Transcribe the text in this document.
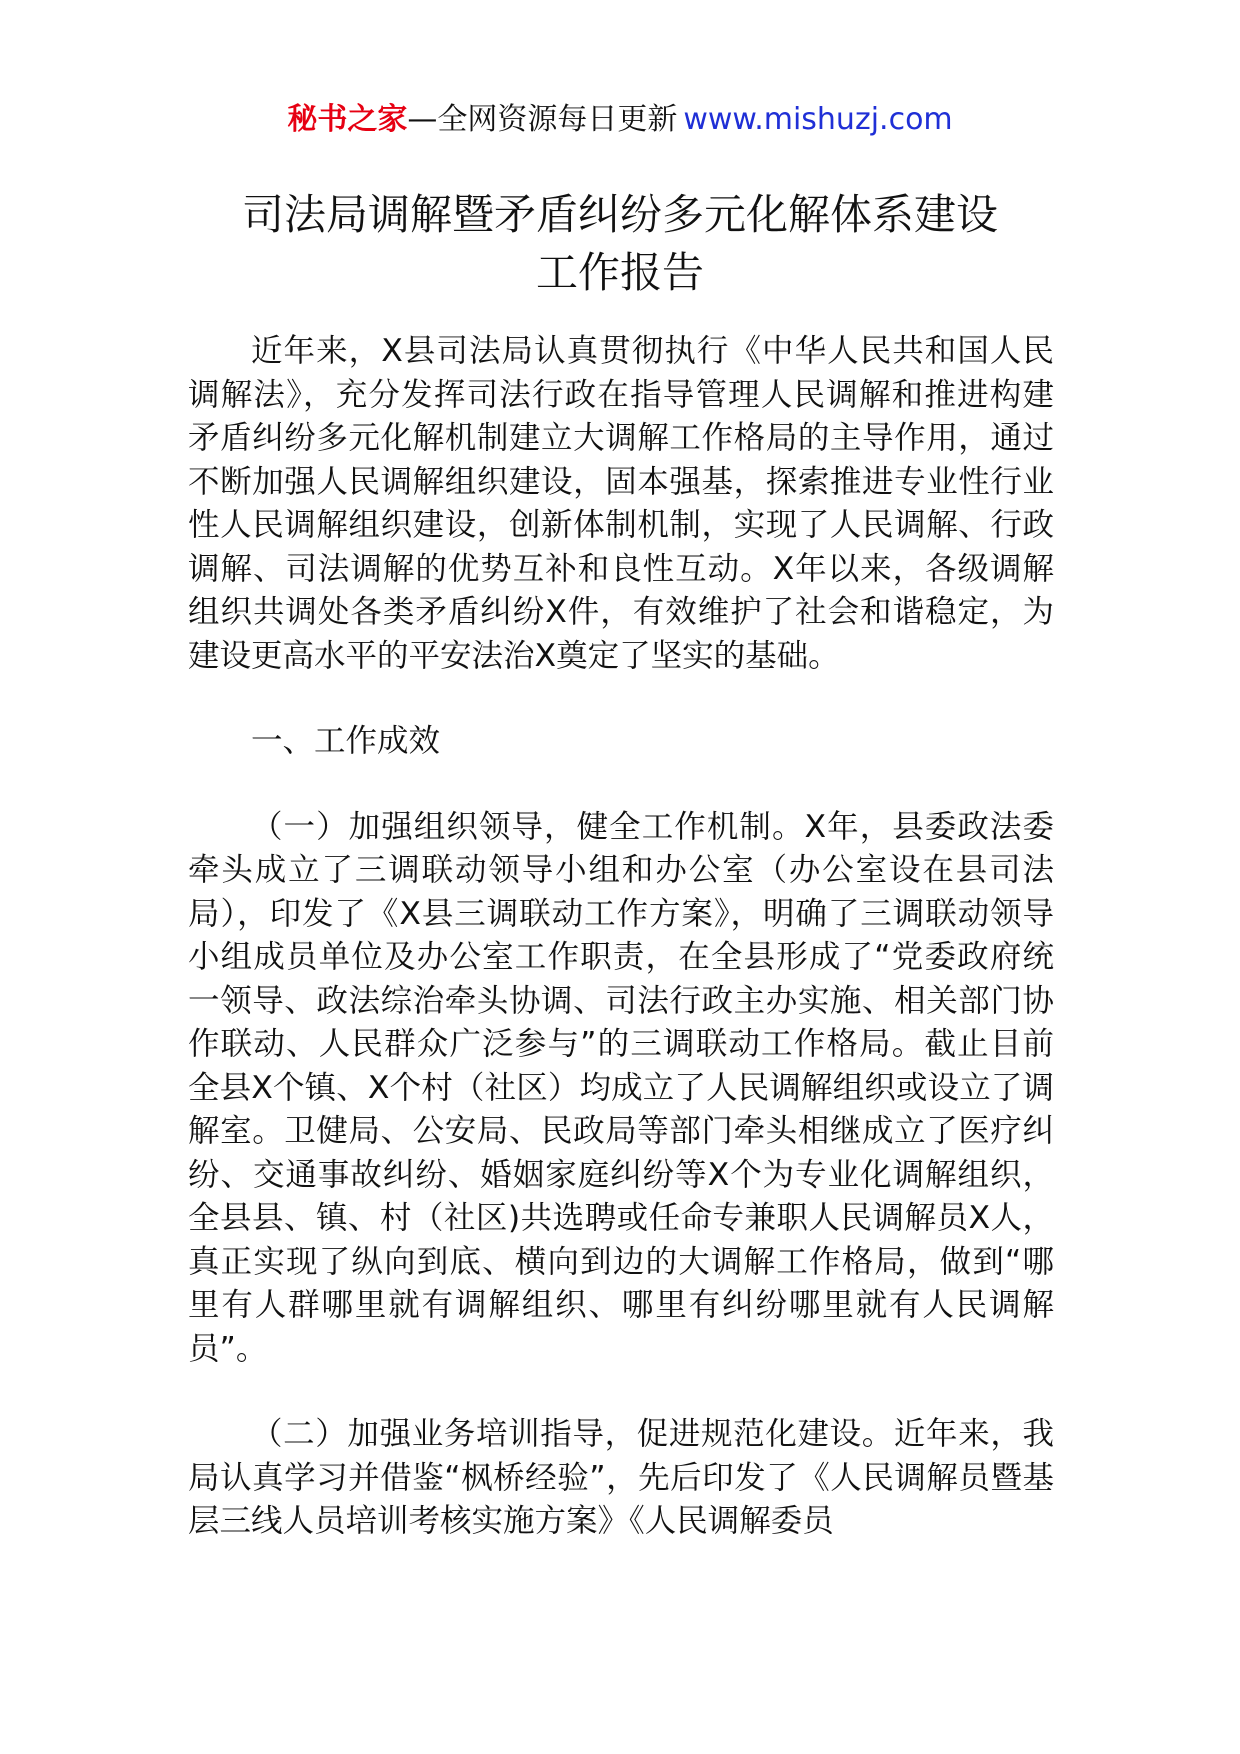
秘书之家—全网资源每日更新 www.mishuzj.com
司法局调解暨矛盾纠纷多元化解体系建设
工作报告

近年来，X县司法局认真贯彻执行《中华人民共和国人民调解法》，充分发挥司法行政在指导管理人民调解和推进构建矛盾纠纷多元化解机制建立大调解工作格局的主导作用，通过不断加强人民调解组织建设，固本强基，探索推进专业性行业性人民调解组织建设，创新体制机制，实现了人民调解、行政调解、司法调解的优势互补和良性互动。X年以来，各级调解组织共调处各类矛盾纠纷X件，有效维护了社会和谐稳定，为建设更高水平的平安法治X奠定了坚实的基础。

一、工作成效

（一）加强组织领导，健全工作机制。X年，县委政法委牵头成立了三调联动领导小组和办公室（办公室设在县司法局），印发了《X县三调联动工作方案》，明确了三调联动领导小组成员单位及办公室工作职责，在全县形成了“党委政府统一领导、政法综治牵头协调、司法行政主办实施、相关部门协作联动、人民群众广泛参与”的三调联动工作格局。截止目前全县X个镇、X个村（社区）均成立了人民调解组织或设立了调解室。卫健局、公安局、民政局等部门牵头相继成立了医疗纠纷、交通事故纠纷、婚姻家庭纠纷等X个为专业化调解组织，全县县、镇、村（社区)共选聘或任命专兼职人民调解员X人，真正实现了纵向到底、横向到边的大调解工作格局，做到“哪里有人群哪里就有调解组织、哪里有纠纷哪里就有人民调解员”。

（二）加强业务培训指导，促进规范化建设。近年来，我局认真学习并借鉴“枫桥经验”，先后印发了《人民调解员暨基层三线人员培训考核实施方案》《人民调解委员
